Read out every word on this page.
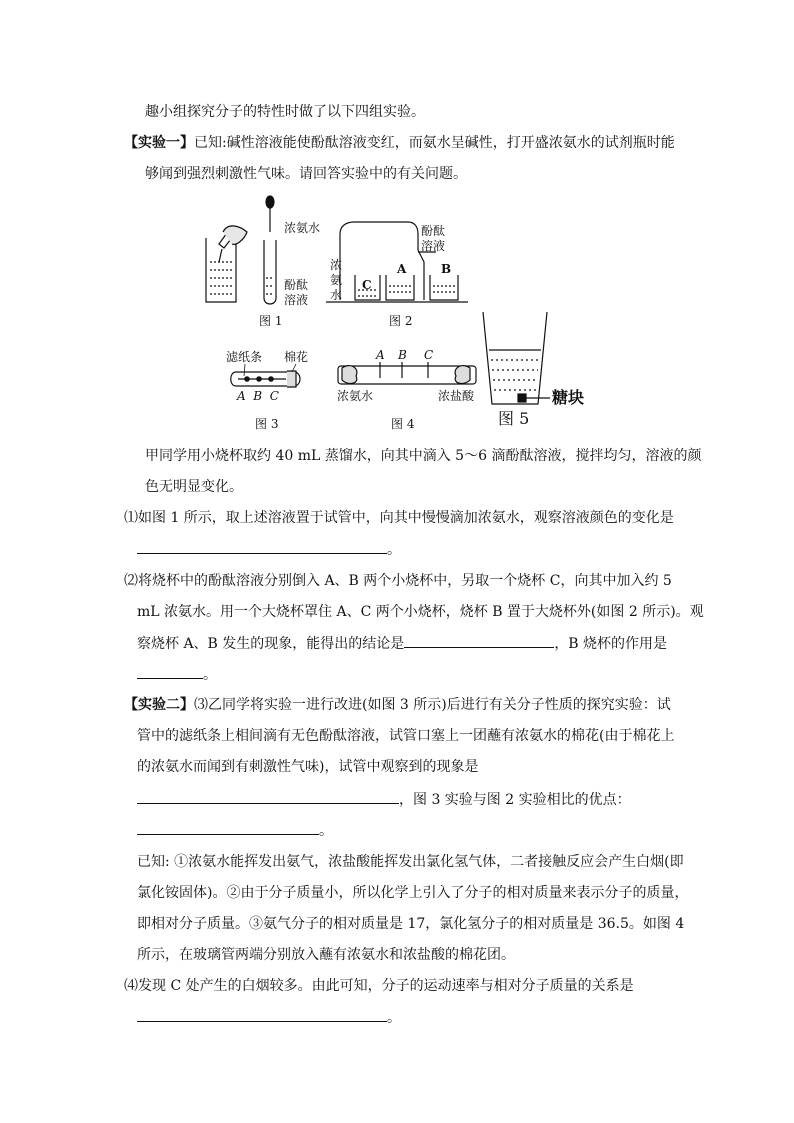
趣小组探究分子的特性时做了以下四组实验。
【实验一】已知:碱性溶液能使酚酞溶液变红，而氨水呈碱性，打开盛浓氨水的试剂瓶时能
够闻到强烈刺激性气味。请回答实验中的有关问题。
浓氨水
酚酞
溶液
图 1
浓
氨
水
酚酞
溶液
C
A	B
图 2
滤纸条 棉花
A  B  C
图 3
A B C
浓氨水	浓盐酸
图 4
糖块
图 5
甲同学用小烧杯取约 40 mL 蒸馏水，向其中滴入 5～6 滴酚酞溶液，搅拌均匀，溶液的颜
色无明显变化。
⑴如图 1 所示，取上述溶液置于试管中，向其中慢慢滴加浓氨水，观察溶液颜色的变化是
。
⑵将烧杯中的酚酞溶液分别倒入 A、B 两个小烧杯中，另取一个烧杯 C，向其中加入约 5
mL 浓氨水。用一个大烧杯罩住 A、C 两个小烧杯，烧杯 B 置于大烧杯外(如图 2 所示)。观
察烧杯 A、B 发生的现象，能得出的结论是	，B 烧杯的作用是
。
【实验二】⑶乙同学将实验一进行改进(如图 3 所示)后进行有关分子性质的探究实验：试
管中的滤纸条上相间滴有无色酚酞溶液，试管口塞上一团蘸有浓氨水的棉花(由于棉花上
的浓氨水而闻到有刺激性气味)，试管中观察到的现象是
，图 3 实验与图 2 实验相比的优点：
。
已知: ①浓氨水能挥发出氨气，浓盐酸能挥发出氯化氢气体，二者接触反应会产生白烟(即
氯化铵固体)。②由于分子质量小，所以化学上引入了分子的相对质量来表示分子的质量，
即相对分子质量。③氨气分子的相对质量是 17，氯化氢分子的相对质量是 36.5。如图 4
所示，在玻璃管两端分别放入蘸有浓氨水和浓盐酸的棉花团。
⑷发现 C 处产生的白烟较多。由此可知，分子的运动速率与相对分子质量的关系是
。
